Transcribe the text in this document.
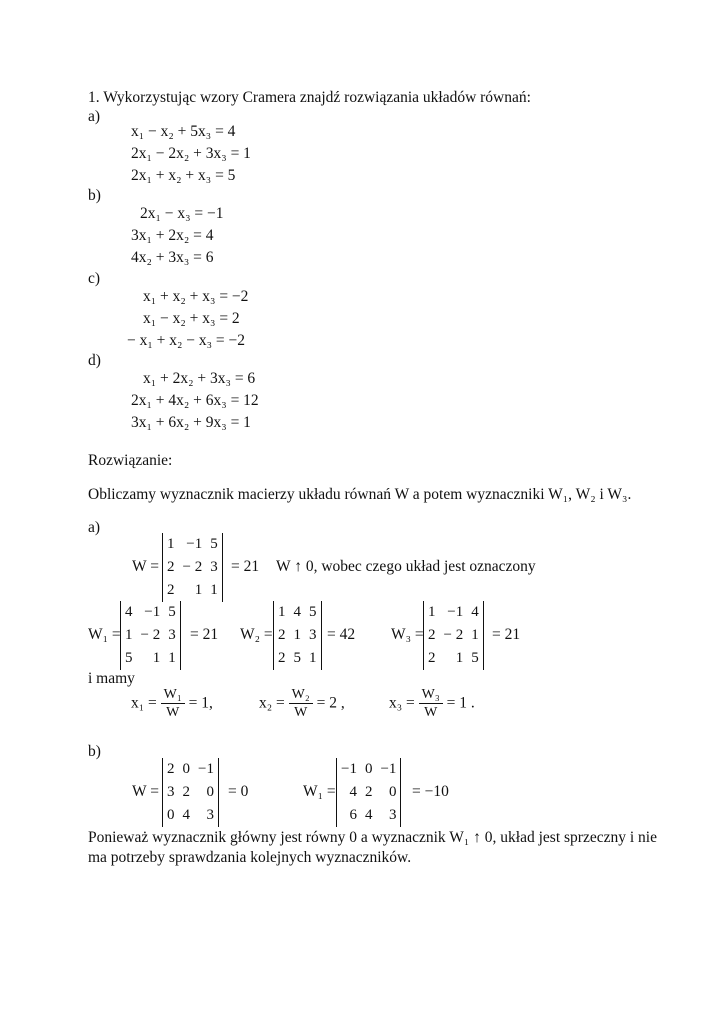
1. Wykorzystując wzory Cramera znajdź rozwiązania układów równań:
a)
x₁ − x₂ + 5x₃ = 4
2x₁ − 2x₂ + 3x₃ = 1
2x₁ + x₂ + x₃ = 5
b)
2x₁ − x₃ = −1
3x₁ + 2x₂ = 4
4x₂ + 3x₃ = 6
c)
x₁ + x₂ + x₃ = −2
x₁ − x₂ + x₃ = 2
− x₁ + x₂ − x₃ = −2
d)
x₁ + 2x₂ + 3x₃ = 6
2x₁ + 4x₂ + 6x₃ = 12
3x₁ + 6x₂ + 9x₃ = 1
Rozwiązanie:
Obliczamy wyznacznik macierzy układu równań W a potem wyznaczniki W₁, W₂ i W₃.
a)
W =
1	−1	5
2	− 2	3
2	1	1
= 21 W ↑ 0, wobec czego układ jest oznaczony
W₁ =
4	−1	5
1	− 2	3
5	1	1
= 21 W₂ =
1	4	5
2	1	3
2	5	1
= 42 W₃ =
1	−1	4
2	− 2	1
2	1	5
= 21
i mamy
$x_1 = \frac{\text{W₁}}{W} = 1$,	$x_2 = \frac{\text{W₂}}{W} = 2$ ,	$x_3 = \frac{\text{W₃}}{W} = 1$ .
b)
W =
2	0	−1
3	2	0
0	4	3
= 0	W₁ =
−1	0	−1
4	2	0
6	4	3
= −10
Ponieważ wyznacznik główny jest równy 0 a wyznacznik W₁ ↑ 0, układ jest sprzeczny i nie
ma potrzeby sprawdzania kolejnych wyznaczników.
